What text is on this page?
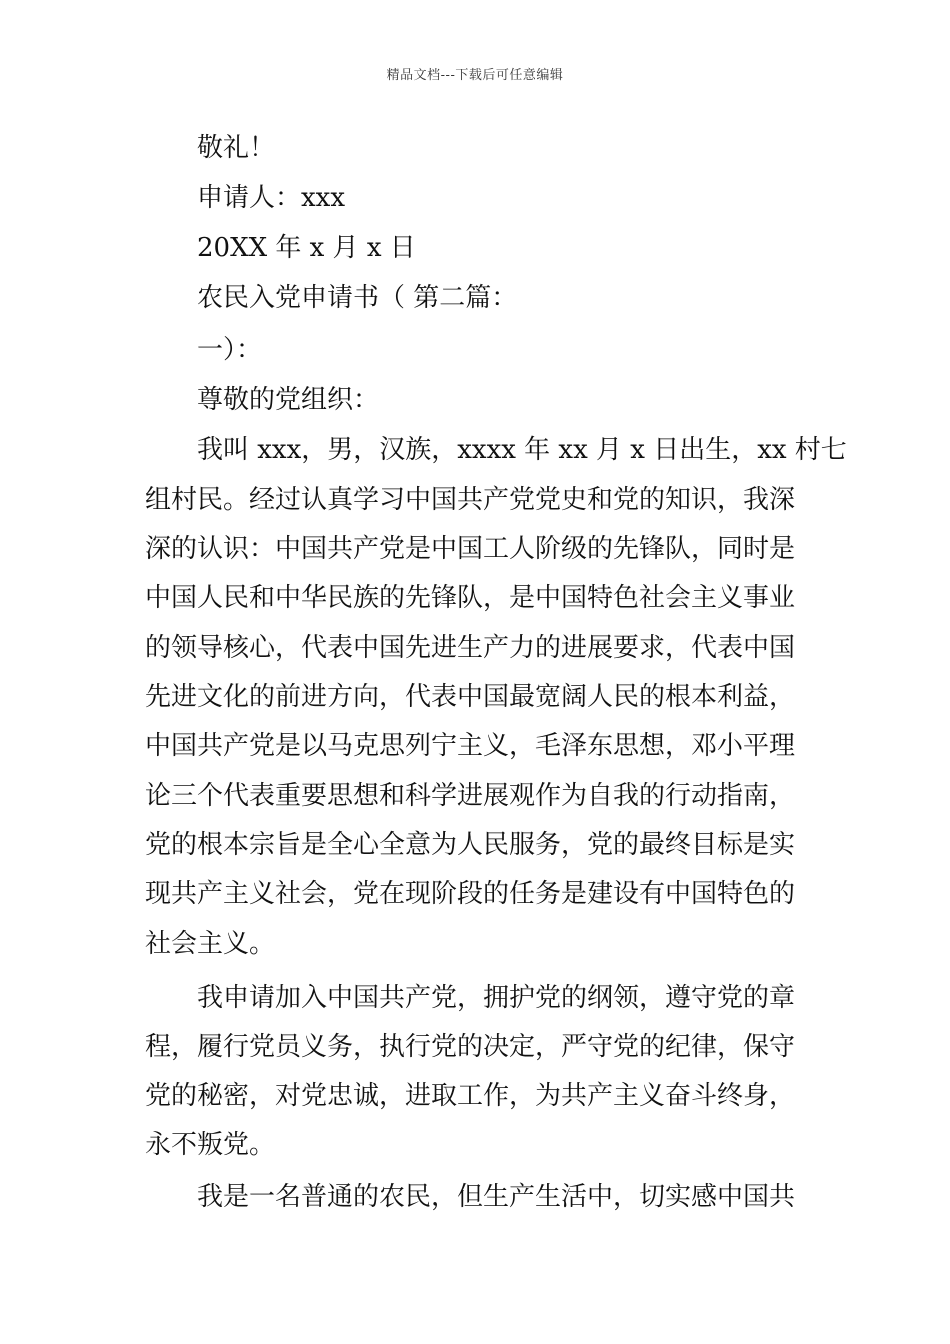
精品文档---下载后可任意编辑
敬礼！
申请人：xxx
20XX 年 x 月 x 日
农民入党申请书（ 第二篇：
一）：
尊敬的党组织：
我叫 xxx，男，汉族，xxxx 年 xx 月 x 日出生，xx 村七
组村民。经过认真学习中国共产党党史和党的知识，我深
深的认识：中国共产党是中国工人阶级的先锋队，同时是
中国人民和中华民族的先锋队，是中国特色社会主义事业
的领导核心，代表中国先进生产力的进展要求，代表中国
先进文化的前进方向，代表中国最宽阔人民的根本利益，
中国共产党是以马克思列宁主义，毛泽东思想，邓小平理
论三个代表重要思想和科学进展观作为自我的行动指南，
党的根本宗旨是全心全意为人民服务，党的最终目标是实
现共产主义社会，党在现阶段的任务是建设有中国特色的
社会主义。
我申请加入中国共产党，拥护党的纲领，遵守党的章
程，履行党员义务，执行党的决定，严守党的纪律，保守
党的秘密，对党忠诚，进取工作，为共产主义奋斗终身，
永不叛党。
我是一名普通的农民，但生产生活中，切实感中国共
